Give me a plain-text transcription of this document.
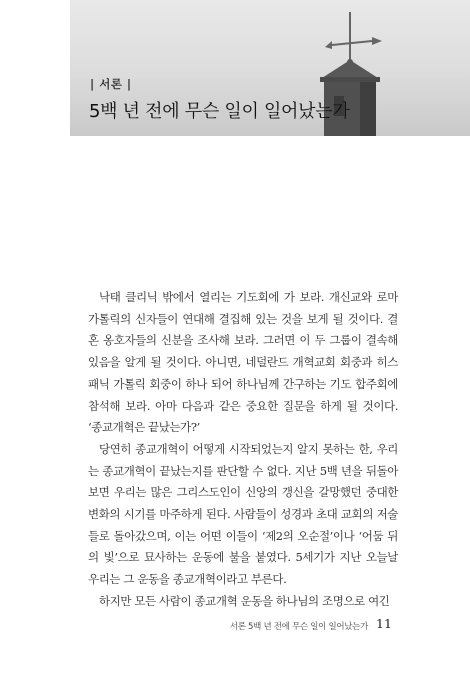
| 서론 |

5백 년 전에 무슨 일이 일어났는가

낙태 클리닉 밖에서 열리는 기도회에 가 보라. 개신교와 로마 가톨릭의 신자들이 연대해 결집해 있는 것을 보게 될 것이다. 결혼 옹호자들의 신분을 조사해 보라. 그러면 이 두 그룹이 결속해 있음을 알게 될 것이다. 아니면, 네덜란드 개혁교회 회중과 히스패닉 가톨릭 회중이 하나 되어 하나님께 간구하는 기도 합주회에 참석해 보라. 아마 다음과 같은 중요한 질문을 하게 될 것이다. ‘종교개혁은 끝났는가?’

당연히 종교개혁이 어떻게 시작되었는지 알지 못하는 한, 우리는 종교개혁이 끝났는지를 판단할 수 없다. 지난 5백 년을 뒤돌아보면 우리는 많은 그리스도인이 신앙의 갱신을 갈망했던 중대한 변화의 시기를 마주하게 된다. 사람들이 성경과 초대 교회의 저술들로 돌아갔으며, 이는 어떤 이들이 ‘제2의 오순절’이나 ‘어둠 뒤의 빛’으로 묘사하는 운동에 불을 붙였다. 5세기가 지난 오늘날 우리는 그 운동을 종교개혁이라고 부른다.

하지만 모든 사람이 종교개혁 운동을 하나님의 조명으로 여긴

서론 5백 년 전에 무슨 일이 일어났는가 11
